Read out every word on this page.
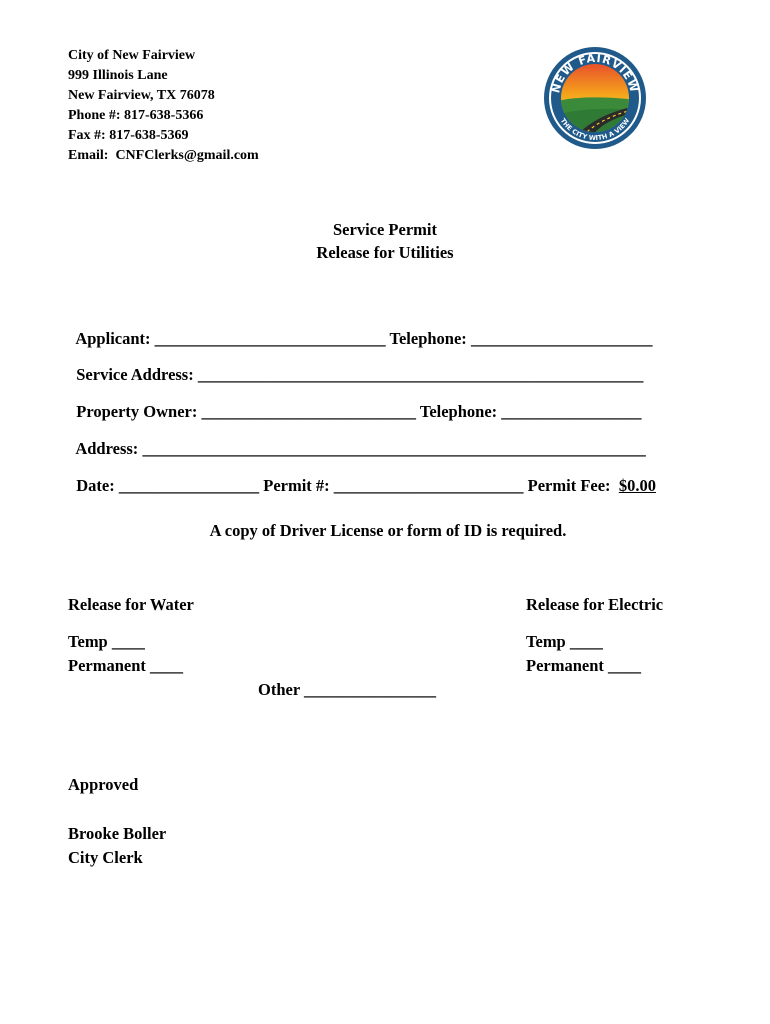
City of New Fairview
999 Illinois Lane
New Fairview, TX 76078
Phone #: 817-638-5366
Fax #: 817-638-5369
Email:  CNFClerks@gmail.com
NEW FAIRVIEW
THE CITY WITH A VIEW
Service Permit
Release for Utilities

Applicant: ____________________________ Telephone: ______________________

Service Address: ______________________________________________________

Property Owner: __________________________ Telephone: _________________

Address: _____________________________________________________________

Date: _________________ Permit #: _______________________ Permit Fee: $0.00

A copy of Driver License or form of ID is required.
Release for Water	Release for Electric
Temp ____
Permanent ____
Temp ____
Permanent ____
Other ________________
Approved
Brooke Boller
City Clerk
